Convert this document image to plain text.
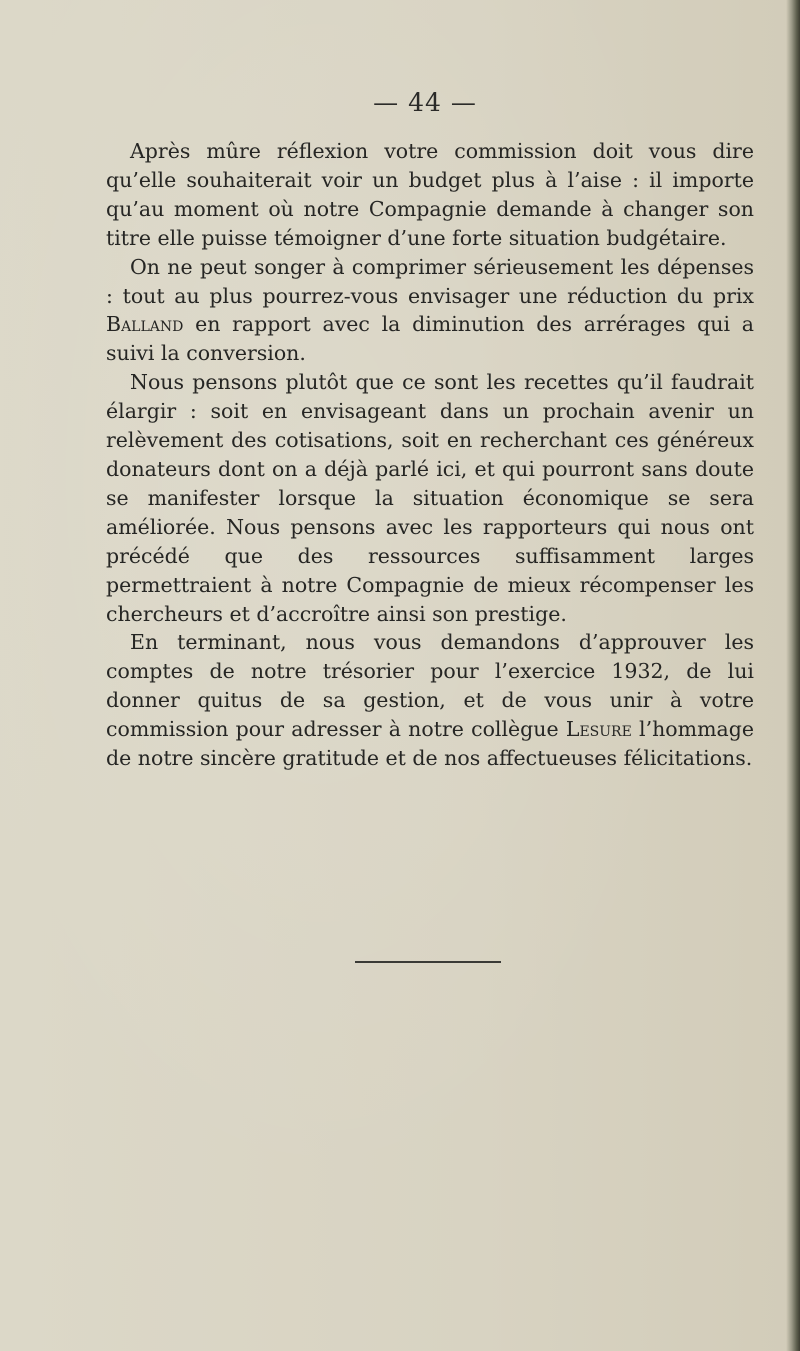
— 44 —

Après mûre réflexion votre commission doit vous dire qu’elle souhaiterait voir un budget plus à l’aise : il importe qu’au moment où notre Compagnie demande à changer son titre elle puisse témoigner d’une forte situation budgétaire.

On ne peut songer à comprimer sérieusement les dépenses : tout au plus pourrez-vous envisager une réduction du prix Balland en rapport avec la diminution des arrérages qui a suivi la conversion.

Nous pensons plutôt que ce sont les recettes qu’il faudrait élargir : soit en envisageant dans un prochain avenir un relèvement des cotisations, soit en recherchant ces généreux donateurs dont on a déjà parlé ici, et qui pourront sans doute se manifester lorsque la situation économique se sera améliorée. Nous pensons avec les rapporteurs qui nous ont précédé que des ressources suffisamment larges permettraient à notre Compagnie de mieux récompenser les chercheurs et d’accroître ainsi son prestige.

En terminant, nous vous demandons d’approuver les comptes de notre trésorier pour l’exercice 1932, de lui donner quitus de sa gestion, et de vous unir à votre commission pour adresser à notre collègue Lesure l’hommage de notre sincère gratitude et de nos affectueuses félicitations.
